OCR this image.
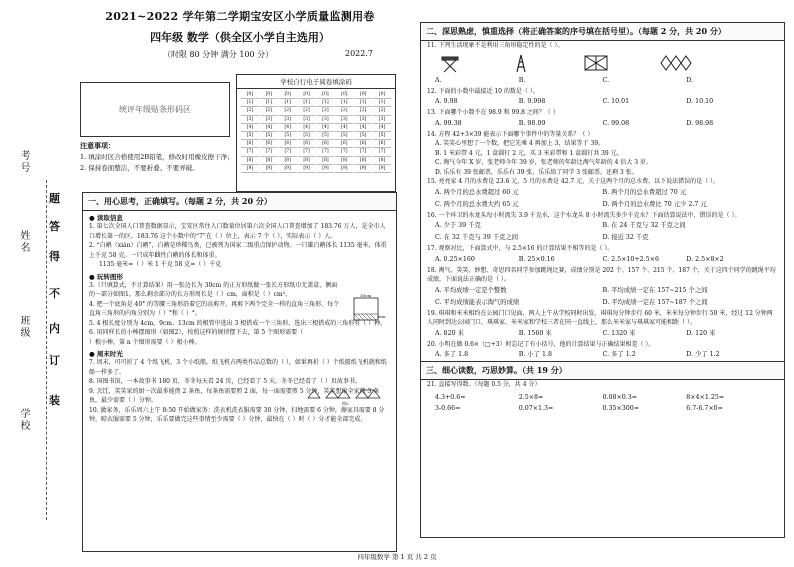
考号
姓名
班级
学校
题
答
得
不
内
订
装
2021~2022 学年第二学期宝安区小学质量监测用卷
四年级 数学（供全区小学自主选用）
2022.7
（时限 80 分钟 满分 100 分）
统评年级贴条形码区
学校自行电子阅卷填涂码
[0]	[0]	[0]	[0]	[0]	[0]	[0]	[0]
[1]	[1]	[1]	[1]	[1]	[1]	[1]	[1]
[2]	[2]	[2]	[2]	[2]	[2]	[2]	[2]
[3]	[3]	[3]	[3]	[3]	[3]	[3]	[3]
[4]	[4]	[4]	[4]	[4]	[4]	[4]	[4]
[5]	[5]	[5]	[5]	[5]	[5]	[5]	[5]
[6]	[6]	[6]	[6]	[6]	[6]	[6]	[6]
[7]	[7]	[7]	[7]	[7]	[7]	[7]	[7]
[8]	[8]	[8]	[8]	[8]	[8]	[8]	[8]
[9]	[9]	[9]	[9]	[9]	[9]	[9]	[9]
注意事项：
1. 填涂时区合格使用2B铅笔，修改时用橡皮擦干净；
2. 保持卷面整洁，不要折叠、不要弄破。
一、用心思考，正确填写。（每题 2 分，共 20 分）
● 读取信息
1. 第七次全国人口普查数据显示，宝安区常住人口数量位居第六次全国人口普查增加了 183.76 万人，是全市人口增长第一的区。183.76 这个小数中的“7”在（ ）位上，表示 7 个（ ），实际表示（ ）人。
2. “白鹇（xián）白鹇”，白鹇是珍稀鸟类，已被列为国家二级重点保护动物。一只雄白鹇体长 1135 毫米，体重上千克 58 克。一只成年雌性白鹇的体长和体重。
1135 毫米=（ ）米 1 千克 58 克=（ ）千克
● 玩转图形
3.（只填算式，不计算结果）用一张边长为 30cm 的正方形纸做一张长方形纸巾无盖盒，侧面的一部分如图1，那么剩余部分的长方形周长是（ ）cm，面积是（ ）cm²。
4. 把一个底角是 40° 的等腰三角形沿着它的高剪开，再剪下两个完全一样的直角三角形，每个直角三角形的内角分别为（ ）°和（ ）°。
5. 4 根长度分别为 4cm、9cm、13cm 的根管中选出 3 根搭成一个三角形，选出三根搭成的三角形有（ ）种。
6. 用同样长的小棒摆图形（如图2），按照这样的规律摆下去，第 5 个图形需要（ ）根小棒，第 n 个图形需要（ ）根小棒。
● 周末时光
7. 周末，可可折了 4 个纸飞机、3 个小纸船，纸飞机占两类作品总数的（ ），如果再折（ ）个纸船纸飞机就和纸船一样多了。
8. 国图书馆，一本故事书 180 页，冬冬每天看 24 页，已经看了 5 天，冬冬已经看了（ ）页故事书。
9. 烹饪，笑笑家的厨一次最多能煎 2 条鱼，每条鱼需要煎 2 面，每一面需要煎 5 分钟，笑笑想给全家煎 3 条鱼，最少需要（ ）分钟。
10. 做家务，乐乐周六上午 8:50 开始做家务：洗衣机洗衣服需要 30 分钟，扫地需要 6 分钟，擦家具需要 8 分钟，晾衣服需要 5 分钟，乐乐要做完这些事情至少需要（ ）分钟，最快在（ ）时（ ）分才能全部完成。
30cm
6cm
图2
二、深思熟虑，慎重选择（将正确答案的序号填在括号里）。（每题 2 分，共 20 分）
11. 下列生活现象不是利用三角形稳定性的是（ ）。
A.	B.	C.	D.
12. 下面的小数中最接近 10 的数是（ ）。
A. 9.98	B. 9.998	C. 10.01	D. 10.10
13. 下面哪个小数不在 98.9 和 99.8 之间？（ ）
A. 99.38	B. 98.09	C. 99.08	D. 98.98
14. 方程 42+3×39 能表示下面哪个事件中的等量关系？（ ）
A. 笑笑心里想了一个数，把它先乘 4 再加上 3，结果等于 39。
B. 1 米彩带 4 元，1 盒圆钉 2 元，买 3 米彩带和 1 盒圆钉共 39 元。
C. 淘气今年 X 岁，张老师今年 39 岁，张老师的年龄比淘气年龄的 4 倍大 3 岁。
D. 乐乐有 39 张邮票，乐乐有 39 张，乐乐给了同学 3 张邮票，还剩 3 张。
15. 亮亮家 4 月的水费是 23.6 元，5 月的水费是 42.7 元，关于这两个月的总水费，以下说法错误的是（ ）。
A. 两个月的总水费超过 60 元	B. 两个月的总水费超过 70 元
C. 两个月的总水费大约 65 元	D. 两个月的总水费比 70 元少 2.7 元
16. 一个环卫的水龙头每小时流失 3.9 千克水，这个水龙头 8 小时流失多少千克水？下面估算说法中，错误的是（ ）。
A. 少于 39 千克	B. 在 24 千克与 32 千克之间
C. 在 32 千克与 39 千克之间	D. 接近 32 千克
17. 观察对比，下面算式中，与 2.5×16 的计算结果不相等的是（ ）。
A. 0.25×160	B. 25×0.16	C. 2.5×10+2.5×6	D. 2.5×8×2
18. 淘气、笑笑、妙想、奇思四名同学参加跳绳比赛，成绩分别是 202 个、157 个、215 个、187 个，关于这四个同学的跳绳平均成绩，下面说法正确的是（ ）。
A. 平均成绩一定是个整数	B. 平均成绩一定在 157~215 个之间
C. 平均成绩能表示淘气的成绩	D. 平均成绩一定在 157~187 个之间
19. 琪琪和米米相约在公园门口见面，两人上午从学校同时出发，琪琪每分钟步行 60 米，米米每分钟步行 50 米，经过 12 分钟两人同时到达公园门口，琪琪家、米米家和学校三者在同一直线上，那么米米家与琪琪家可能相距（ ）。
A. 820 米	B. 1560 米	C. 1320 米	D. 120 米
20. 小明在做 0.6×（□+3）时忘记了有小括号，他的计算结果与正确结果相差（ ）。
A. 多了 1.8	B. 小了 1.8	C. 多了 1.2	D. 少了 1.2
三、细心读数，巧思妙算。（共 19 分）
21. 直接写得数。（每题 0.5 分，共 4 分）
4.3+0.6=	2.5×8=	0.08×0.3=	8×4×1.25=
3-0.66=	0.07×1.3=	0.35×300=	6.7-6.7×0=
四年级数学 第 1 页 共 2 页
